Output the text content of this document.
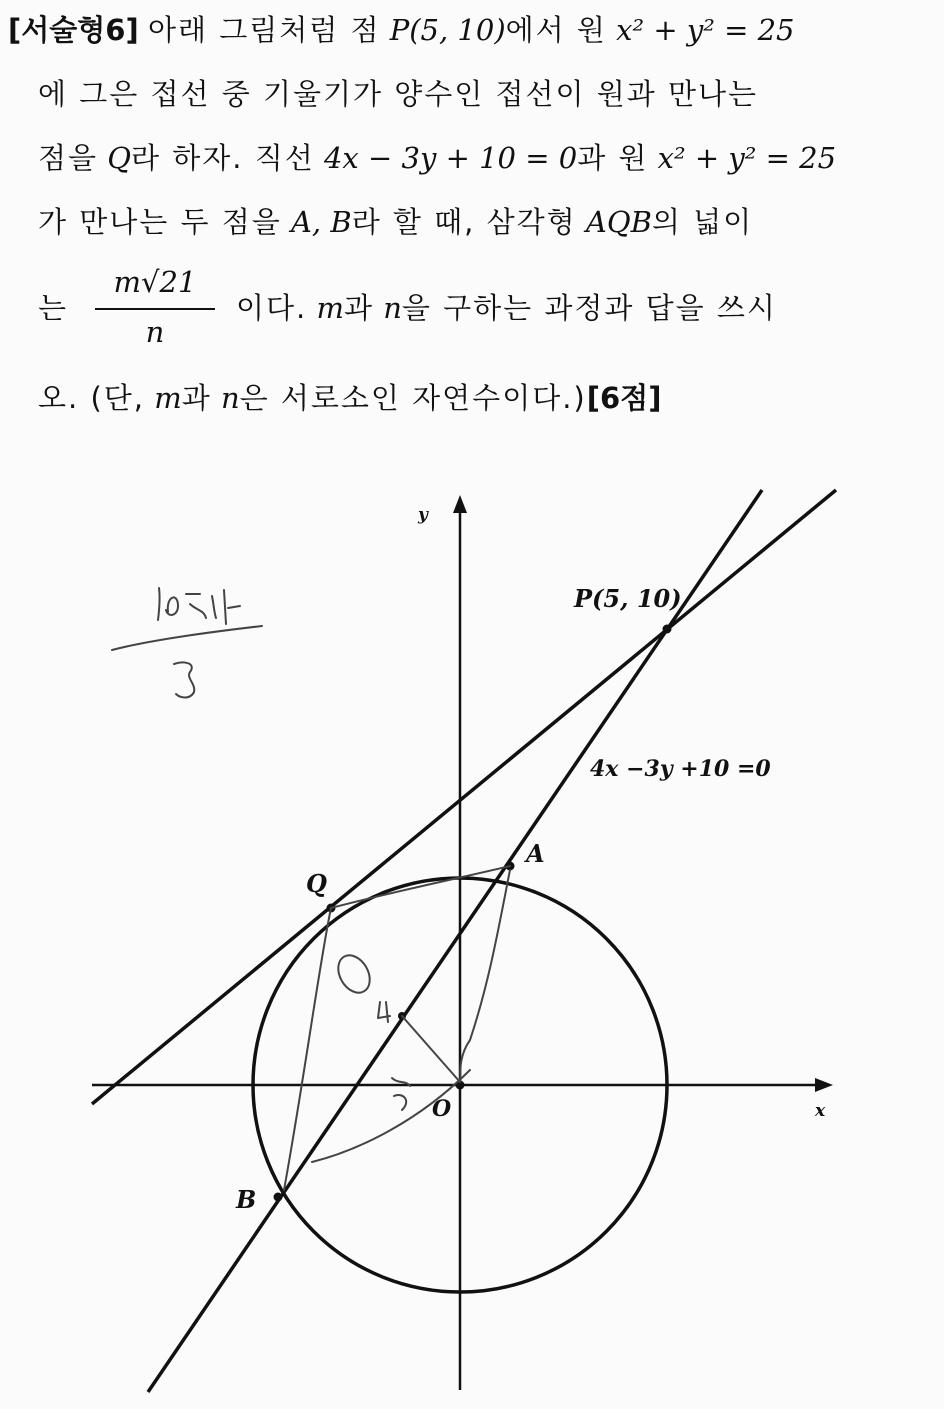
[서술형6] 아래 그림처럼 점 P(5, 10)에서 원 x² + y² = 25
에 그은 접선 중 기울기가 양수인 접선이 원과 만나는
점을 Q라 하자. 직선 4x − 3y + 10 = 0과 원 x² + y² = 25
가 만나는 두 점을 A, B라 할 때, 삼각형 AQB의 넓이
는
m√21
n
이다. m과 n을 구하는 과정과 답을 쓰시
오. (단, m과 n은 서로소인 자연수이다.)[6점]
y
x
O
P(5, 10)
A
B
Q
4x −3y +10 =0
